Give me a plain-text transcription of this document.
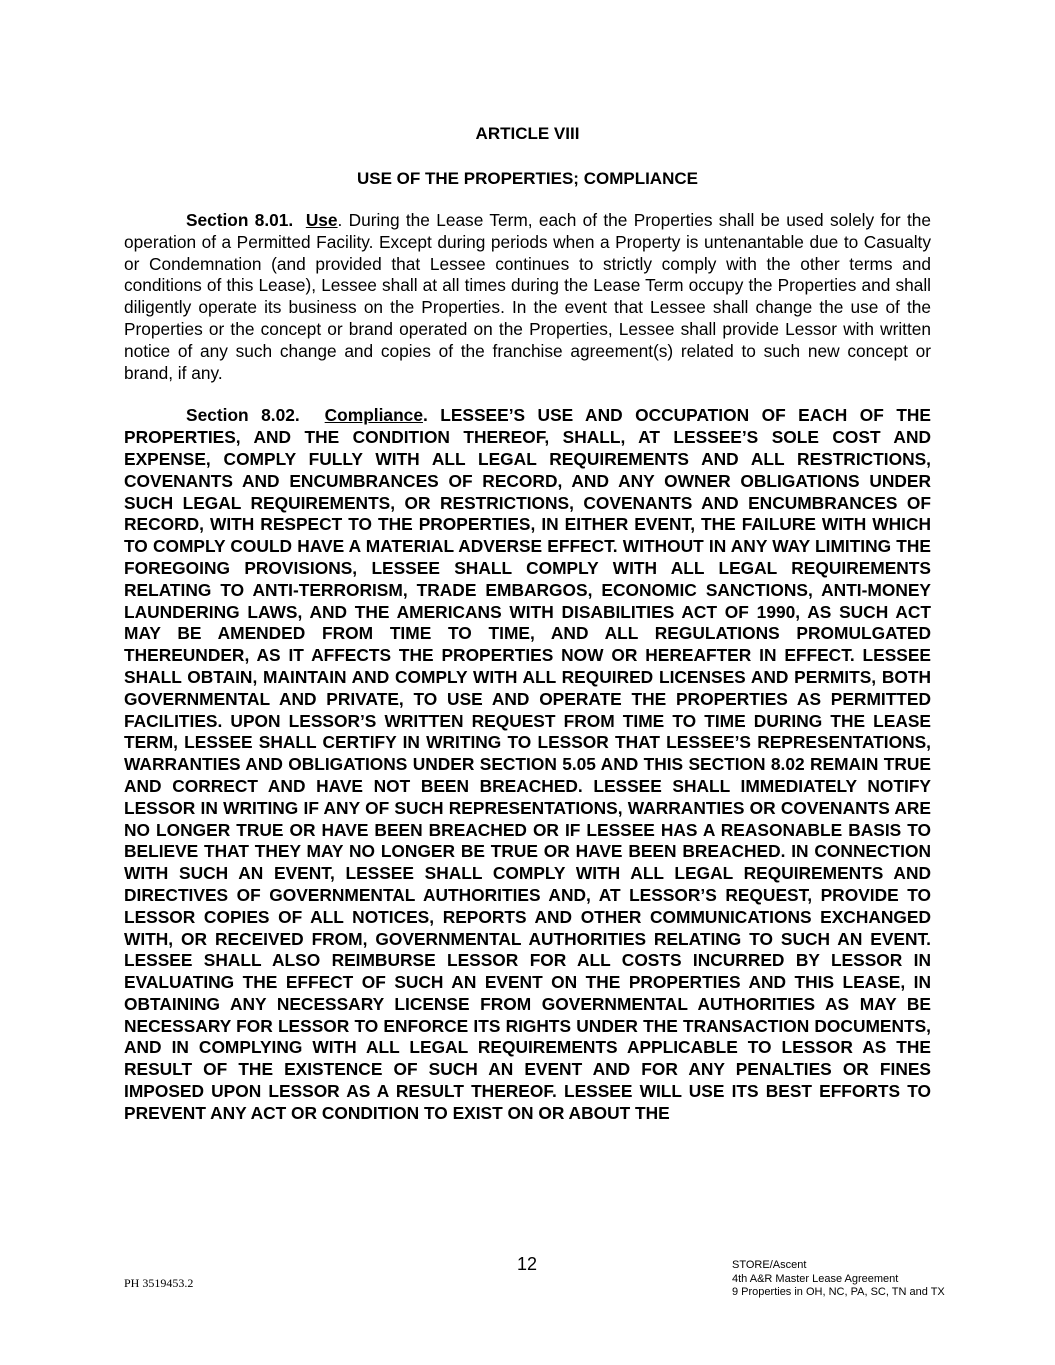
ARTICLE VIII

USE OF THE PROPERTIES; COMPLIANCE

Section 8.01. Use. During the Lease Term, each of the Properties shall be used solely for the operation of a Permitted Facility. Except during periods when a Property is untenantable due to Casualty or Condemnation (and provided that Lessee continues to strictly comply with the other terms and conditions of this Lease), Lessee shall at all times during the Lease Term occupy the Properties and shall diligently operate its business on the Properties. In the event that Lessee shall change the use of the Properties or the concept or brand operated on the Properties, Lessee shall provide Lessor with written notice of any such change and copies of the franchise agreement(s) related to such new concept or brand, if any.

Section 8.02. Compliance. LESSEE’S USE AND OCCUPATION OF EACH OF THE PROPERTIES, AND THE CONDITION THEREOF, SHALL, AT LESSEE’S SOLE COST AND EXPENSE, COMPLY FULLY WITH ALL LEGAL REQUIREMENTS AND ALL RESTRICTIONS, COVENANTS AND ENCUMBRANCES OF RECORD, AND ANY OWNER OBLIGATIONS UNDER SUCH LEGAL REQUIREMENTS, OR RESTRICTIONS, COVENANTS AND ENCUMBRANCES OF RECORD, WITH RESPECT TO THE PROPERTIES, IN EITHER EVENT, THE FAILURE WITH WHICH TO COMPLY COULD HAVE A MATERIAL ADVERSE EFFECT. WITHOUT IN ANY WAY LIMITING THE FOREGOING PROVISIONS, LESSEE SHALL COMPLY WITH ALL LEGAL REQUIREMENTS RELATING TO ANTI-TERRORISM, TRADE EMBARGOS, ECONOMIC SANCTIONS, ANTI-MONEY LAUNDERING LAWS, AND THE AMERICANS WITH DISABILITIES ACT OF 1990, AS SUCH ACT MAY BE AMENDED FROM TIME TO TIME, AND ALL REGULATIONS PROMULGATED THEREUNDER, AS IT AFFECTS THE PROPERTIES NOW OR HEREAFTER IN EFFECT. LESSEE SHALL OBTAIN, MAINTAIN AND COMPLY WITH ALL REQUIRED LICENSES AND PERMITS, BOTH GOVERNMENTAL AND PRIVATE, TO USE AND OPERATE THE PROPERTIES AS PERMITTED FACILITIES. UPON LESSOR’S WRITTEN REQUEST FROM TIME TO TIME DURING THE LEASE TERM, LESSEE SHALL CERTIFY IN WRITING TO LESSOR THAT LESSEE’S REPRESENTATIONS, WARRANTIES AND OBLIGATIONS UNDER SECTION 5.05 AND THIS SECTION 8.02 REMAIN TRUE AND CORRECT AND HAVE NOT BEEN BREACHED. LESSEE SHALL IMMEDIATELY NOTIFY LESSOR IN WRITING IF ANY OF SUCH REPRESENTATIONS, WARRANTIES OR COVENANTS ARE NO LONGER TRUE OR HAVE BEEN BREACHED OR IF LESSEE HAS A REASONABLE BASIS TO BELIEVE THAT THEY MAY NO LONGER BE TRUE OR HAVE BEEN BREACHED. IN CONNECTION WITH SUCH AN EVENT, LESSEE SHALL COMPLY WITH ALL LEGAL REQUIREMENTS AND DIRECTIVES OF GOVERNMENTAL AUTHORITIES AND, AT LESSOR’S REQUEST, PROVIDE TO LESSOR COPIES OF ALL NOTICES, REPORTS AND OTHER COMMUNICATIONS EXCHANGED WITH, OR RECEIVED FROM, GOVERNMENTAL AUTHORITIES RELATING TO SUCH AN EVENT. LESSEE SHALL ALSO REIMBURSE LESSOR FOR ALL COSTS INCURRED BY LESSOR IN EVALUATING THE EFFECT OF SUCH AN EVENT ON THE PROPERTIES AND THIS LEASE, IN OBTAINING ANY NECESSARY LICENSE FROM GOVERNMENTAL AUTHORITIES AS MAY BE NECESSARY FOR LESSOR TO ENFORCE ITS RIGHTS UNDER THE TRANSACTION DOCUMENTS, AND IN COMPLYING WITH ALL LEGAL REQUIREMENTS APPLICABLE TO LESSOR AS THE RESULT OF THE EXISTENCE OF SUCH AN EVENT AND FOR ANY PENALTIES OR FINES IMPOSED UPON LESSOR AS A RESULT THEREOF. LESSEE WILL USE ITS BEST EFFORTS TO PREVENT ANY ACT OR CONDITION TO EXIST ON OR ABOUT THE

12
PH 3519453.2
STORE/Ascent
4th A&R Master Lease Agreement
9 Properties in OH, NC, PA, SC, TN and TX
